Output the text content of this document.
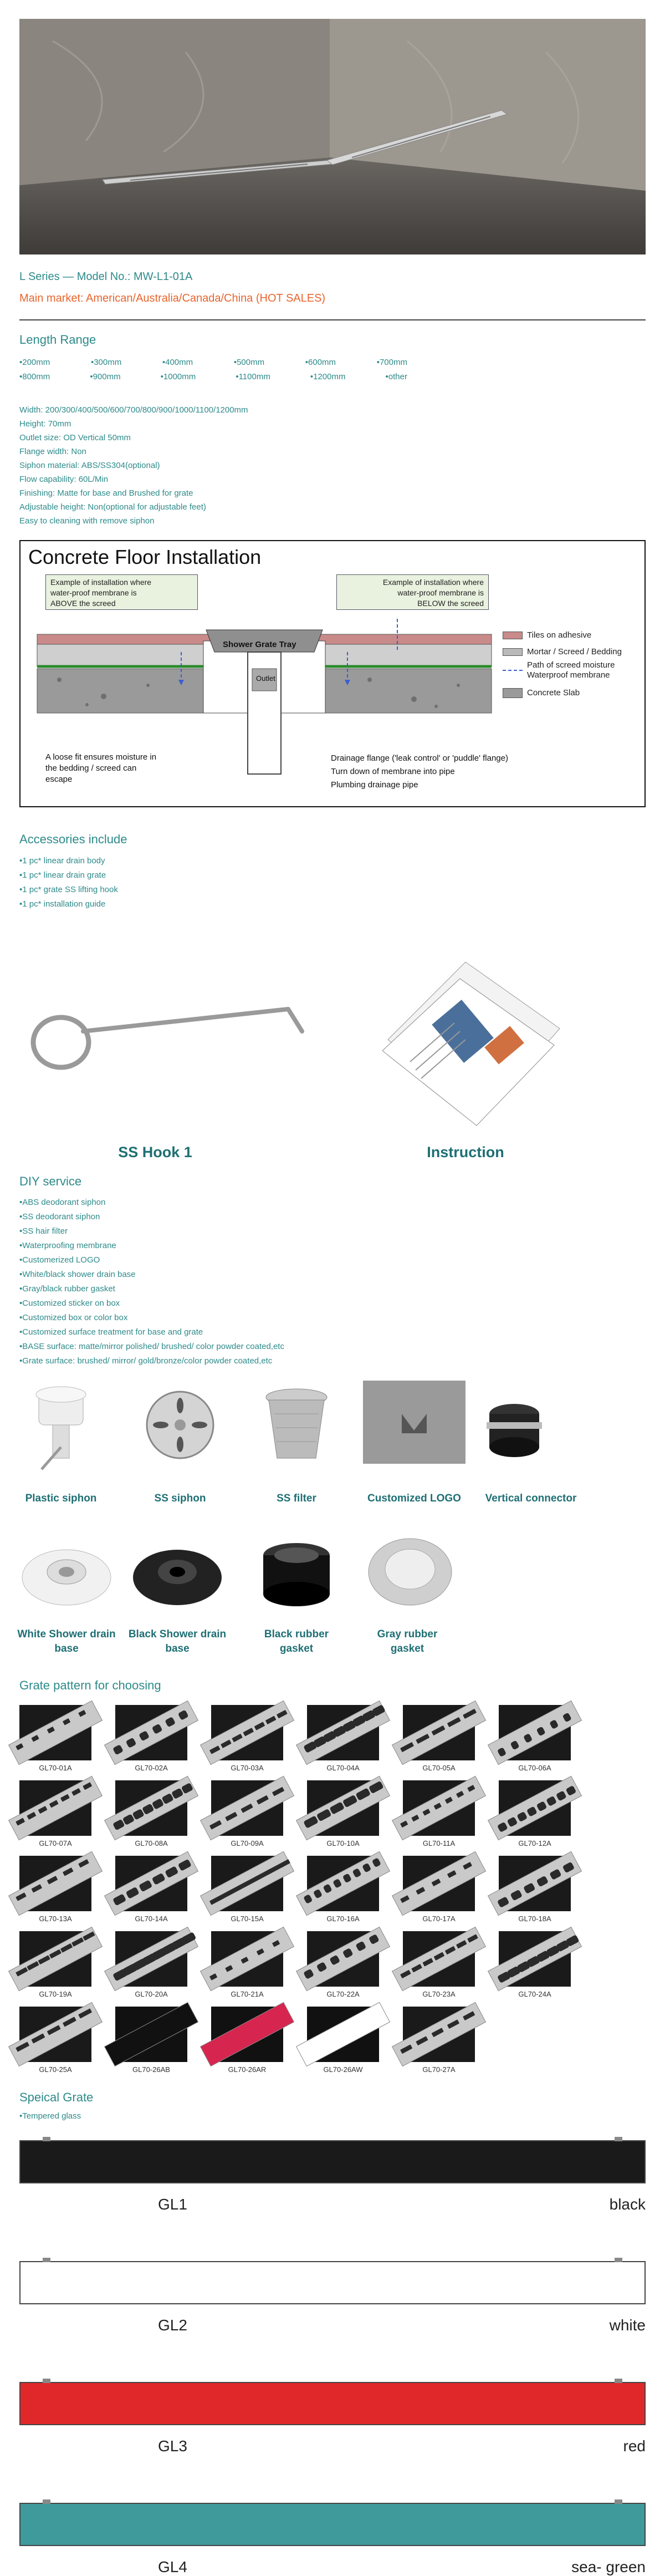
L Series — Model No.: MW-L1-01A
Main market: American/Australia/Canada/China (HOT SALES)
Length Range
•200mm	•300mm	•400mm	•500mm	•600mm	•700mm
•800mm	•900mm	•1000mm	•1100mm	•1200mm	•other
Width: 200/300/400/500/600/700/800/900/1000/1100/1200mm
Height: 70mm
Outlet size: OD Vertical 50mm
Flange width: Non
Siphon material: ABS/SS304(optional)
Flow capability: 60L/Min
Finishing: Matte for base and Brushed for grate
Adjustable height: Non(optional for adjustable feet)
Easy to cleaning with remove siphon
Concrete Floor Installation
Example of installation where
water-proof membrane is
ABOVE the screed
Example of installation where
water-proof membrane is
BELOW the screed
Shower Grate Tray
Outlet
Tiles on adhesive
Mortar / Screed / Bedding
Path of screed moisture
Waterproof membrane
Concrete Slab
A loose fit ensures moisture in
the bedding / screed can
escape
Drainage flange ('leak control' or 'puddle' flange)
Turn down of membrane into pipe
Plumbing drainage pipe
Accessories include
•1 pc* linear drain body
•1 pc* linear drain grate
•1 pc* grate SS lifting hook
•1 pc* installation guide
SS Hook 1	Instruction
DIY service
•ABS deodorant siphon
•SS deodorant siphon
•SS hair filter
•Waterproofing membrane
•Customerized LOGO
•White/black shower drain base
•Gray/black rubber gasket
•Customized sticker on box
•Customized box or color box
•Customized surface treatment for base and grate
•BASE surface: matte/mirror polished/ brushed/ color powder coated,etc
•Grate surface: brushed/ mirror/ gold/bronze/color powder coated,etc
Plastic siphon	SS siphon	SS filter	Customized LOGO	Vertical connector
White Shower drain base
Black Shower drain base
Black rubber gasket
Gray rubber gasket
Grate pattern for choosing
GL70-01A	GL70-02A	GL70-03A	GL70-04A	GL70-05A	GL70-06A
GL70-07A	GL70-08A	GL70-09A	GL70-10A	GL70-11A	GL70-12A
GL70-13A	GL70-14A	GL70-15A	GL70-16A	GL70-17A	GL70-18A
GL70-19A	GL70-20A	GL70-21A	GL70-22A	GL70-23A	GL70-24A
GL70-25A	GL70-26AB	GL70-26AR	GL70-26AW	GL70-27A
Speical Grate
•Tempered glass
GL1	black
GL2	white
GL3	red
GL4	sea- green
